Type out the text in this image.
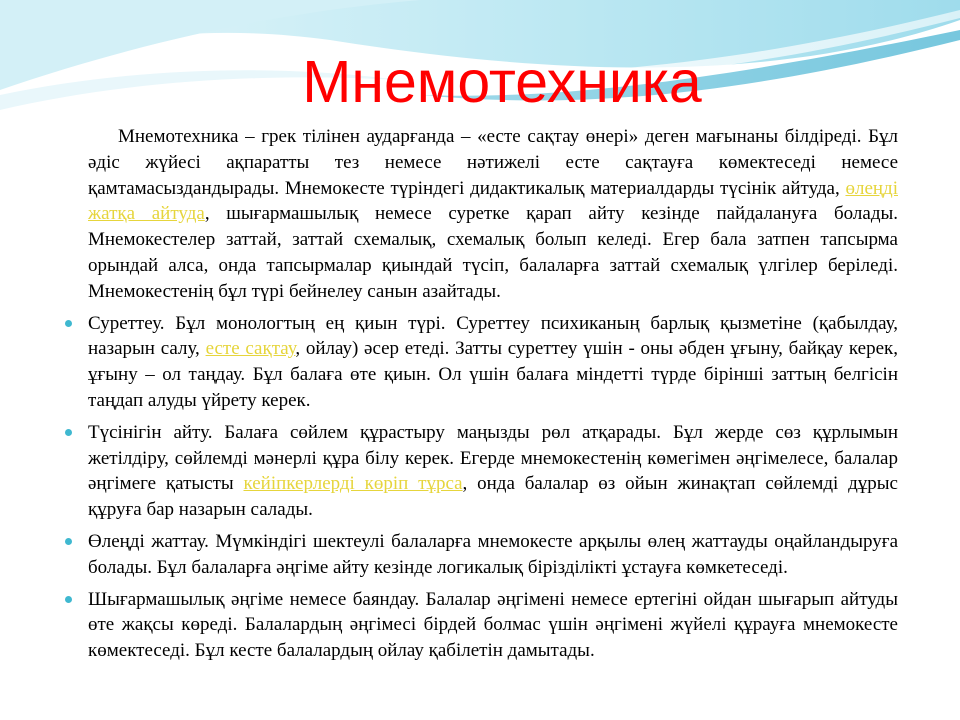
Мнемотехника

Мнемотехника – грек тілінен аударғанда – «есте сақтау өнері» деген мағынаны білдіреді. Бұл әдіс жүйесі ақпаратты тез немесе нәтижелі есте сақтауға көмектеседі немесе қамтамасыздандырады. Мнемокесте түріндегі дидактикалық материалдарды түсінік айтуда, өлеңді жатқа айтуда, шығармашылық немесе суретке қарап айту кезінде пайдалануға болады. Мнемокестелер заттай, заттай схемалық, схемалық болып келеді. Егер бала затпен тапсырма орындай алса, онда тапсырмалар қиындай түсіп, балаларға заттай схемалық үлгілер беріледі. Мнемокестенің бұл түрі бейнелеу санын азайтады.

Суреттеу. Бұл монологтың ең қиын түрі. Суреттеу психиканың барлық қызметіне (қабылдау, назарын салу, есте сақтау, ойлау) әсер етеді. Затты суреттеу үшін - оны әбден ұғыну, байқау керек, ұғыну – ол таңдау. Бұл балаға өте қиын. Ол үшін балаға міндетті түрде бірінші заттың белгісін таңдап алуды үйрету керек.

Түсінігін айту. Балаға сөйлем құрастыру маңызды рөл атқарады. Бұл жерде сөз құрлымын жетілдіру, сөйлемді мәнерлі құра білу керек. Егерде мнемокестенің көмегімен әңгімелесе, балалар әңгімеге қатысты кейіпкерлерді көріп тұрса, онда балалар өз ойын жинақтап сөйлемді дұрыс құруға бар назарын салады.

Өлеңді жаттау. Мүмкіндігі шектеулі балаларға мнемокесте арқылы өлең жаттауды оңайландыруға болады. Бұл балаларға әңгіме айту кезінде логикалық бірізділікті ұстауға көмкетеседі.

Шығармашылық әңгіме немесе баяндау. Балалар әңгімені немесе ертегіні ойдан шығарып айтуды өте жақсы көреді. Балалардың әңгімесі бірдей болмас үшін әңгімені жүйелі құрауға мнемокесте көмектеседі. Бұл кесте балалардың ойлау қабілетін дамытады.
